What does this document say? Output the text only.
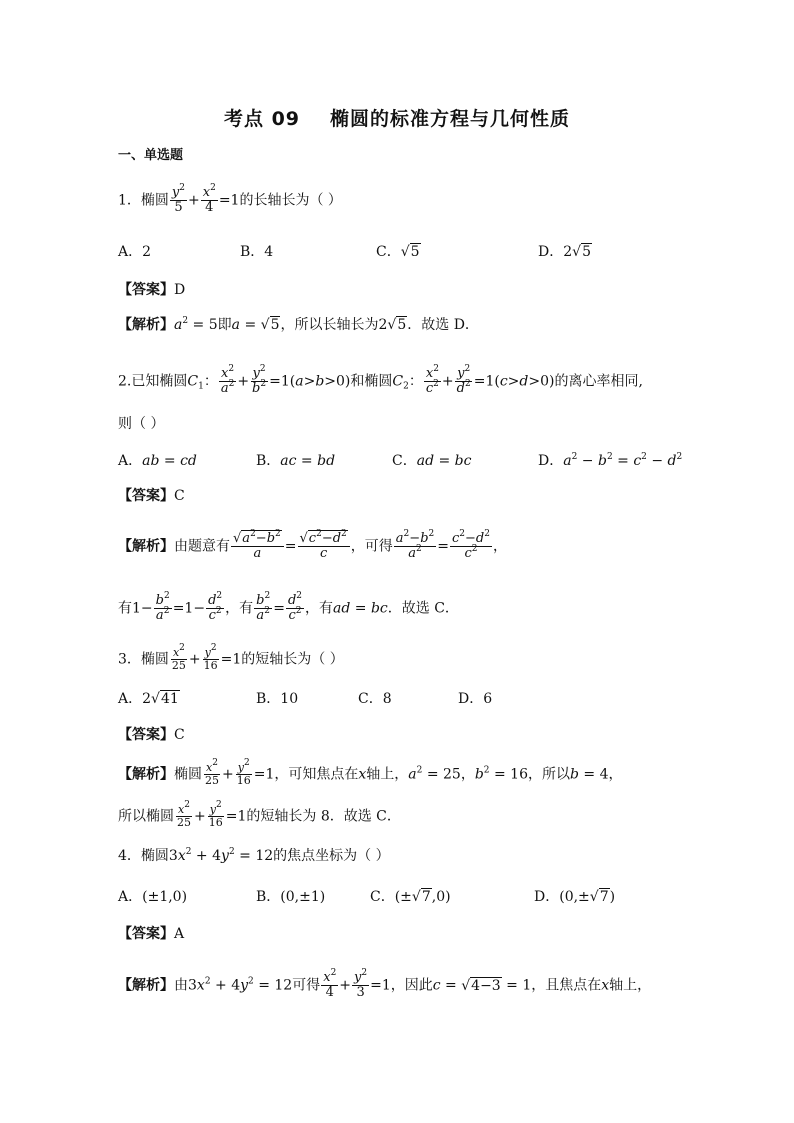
考点 09 椭圆的标准方程与几何性质
一、单选题
1．椭圆 $\frac{y^2}{5} + \frac{x^2}{4} =1$的长轴长为（ ）
A．2	B．4	C．√5	D．2√5
【答案】D
【解析】$a^2 = 5$即a = √5，所以长轴长为2√5．故选 D．
2.已知椭圆$C_1$： $\frac{x^2}{a^2} + \frac{y^2}{b^2} =1(a>b>0)$和椭圆$C_2$： $\frac{x^2}{c^2} + \frac{y^2}{d^2} =1(c>d>0)$的离心率相同,
则（ ）
A．ab = cd	B．ac = bd	C．ad = bc	D．$a^2 - b^2 = c^2 - d^2$
【答案】C
【解析】由题意有 $\frac{√a^2-b^2}{a} = \frac{√c^2-d^2}{c}$ ，可得 $\frac{a^2-b^2}{a^2} = \frac{c^2-d^2}{c^2}$ ，
有$1- \frac{b^2}{a^2} =1- \frac{d^2}{c^2}$ ，有 $\frac{b^2}{a^2} = \frac{d^2}{c^2}$ ，有ad = bc．故选 C．
3．椭圆 $\frac{x^2}{25} + \frac{y^2}{16} =1$的短轴长为（ ）
A．2√41	B．10	C．8	D．6
【答案】C
【解析】椭圆 $\frac{x^2}{25} + \frac{y^2}{16} =1$，可知焦点在x轴上，$a^2 = 25$，$b^2 = 16$，所以b = 4，
所以椭圆 $\frac{x^2}{25} + \frac{y^2}{16} =1$的短轴长为 8．故选 C．
4．椭圆$3x^2 + 4y^2 = 12$的焦点坐标为（ ）
A．(±1,0)	B．(0,±1)	C．(±√7,0)	D．(0,±√7)
【答案】A
【解析】由$3x^2 + 4y^2 = 12$可得 $\frac{x^2}{4} + \frac{y^2}{3} =1$，因此c = √4−3 = 1，且焦点在x轴上，
